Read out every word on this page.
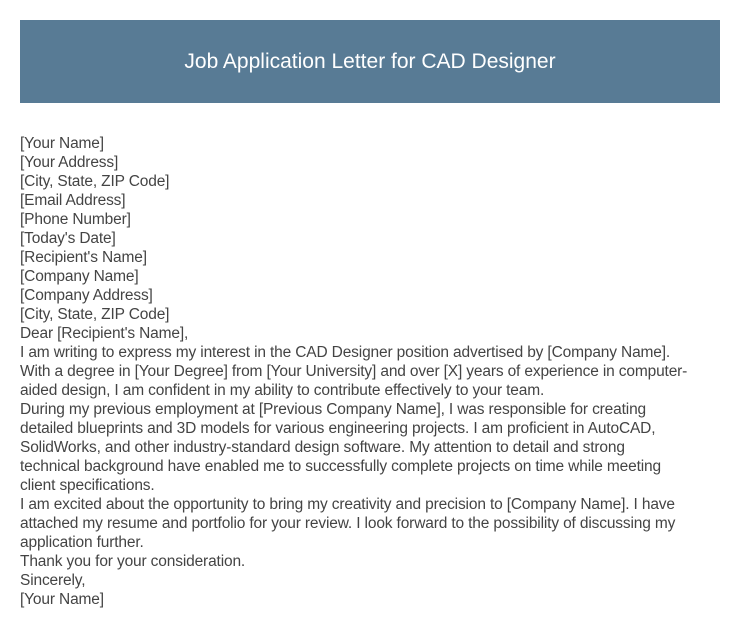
Job Application Letter for CAD Designer
[Your Name]
[Your Address]
[City, State, ZIP Code]
[Email Address]
[Phone Number]
[Today's Date]
[Recipient's Name]
[Company Name]
[Company Address]
[City, State, ZIP Code]
Dear [Recipient's Name],
I am writing to express my interest in the CAD Designer position advertised by [Company Name].
With a degree in [Your Degree] from [Your University] and over [X] years of experience in computer-
aided design, I am confident in my ability to contribute effectively to your team.
During my previous employment at [Previous Company Name], I was responsible for creating
detailed blueprints and 3D models for various engineering projects. I am proficient in AutoCAD,
SolidWorks, and other industry-standard design software. My attention to detail and strong
technical background have enabled me to successfully complete projects on time while meeting
client specifications.
I am excited about the opportunity to bring my creativity and precision to [Company Name]. I have
attached my resume and portfolio for your review. I look forward to the possibility of discussing my
application further.
Thank you for your consideration.
Sincerely,
[Your Name]
